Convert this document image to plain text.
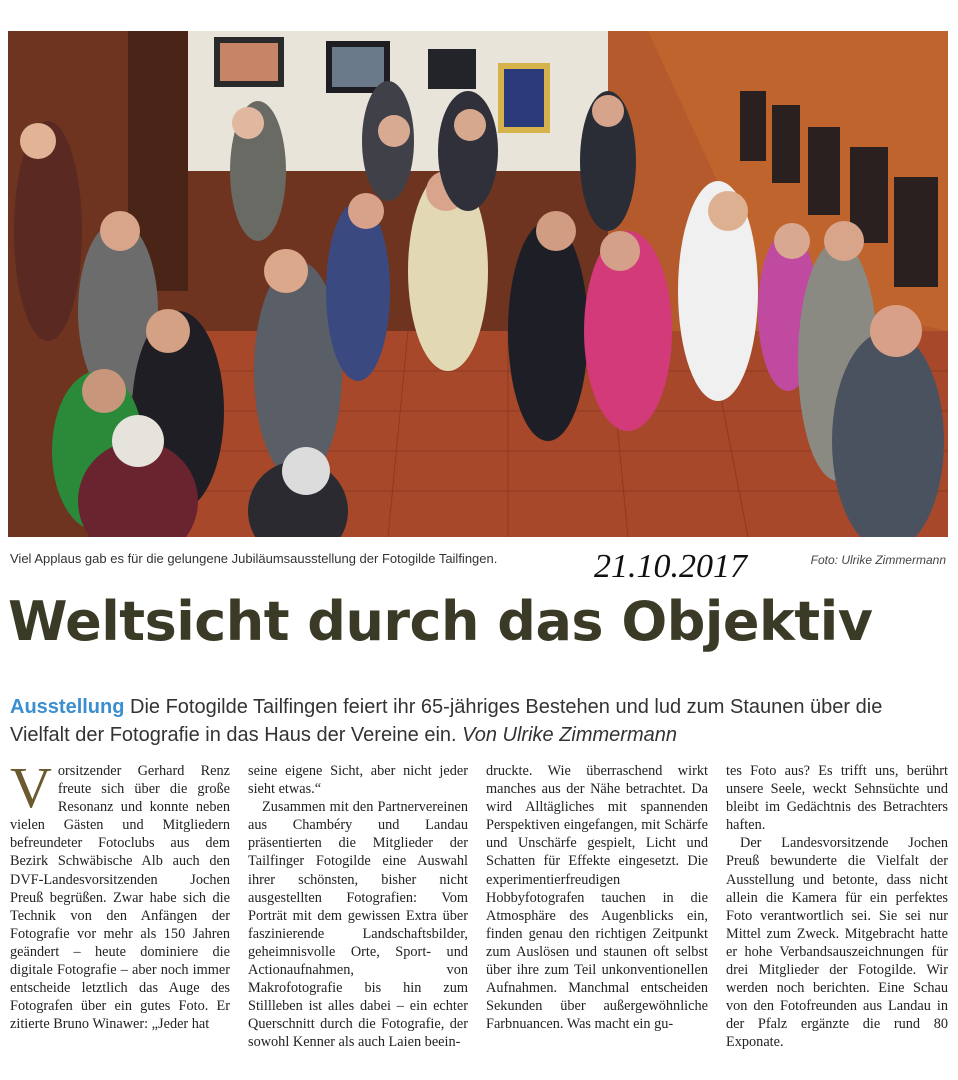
Viel Applaus gab es für die gelungene Jubiläumsausstellung der Fotogilde Tailfingen.	21.10.2017	Foto: Ulrike Zimmermann
Weltsicht durch das Objektiv
Ausstellung Die Fotogilde Tailfingen feiert ihr 65-jähriges Bestehen und lud zum Staunen über die Vielfalt der Fotografie in das Haus der Vereine ein. Von Ulrike Zimmermann
Vorsitzender Gerhard Renz freute sich über die große Resonanz und konnte neben vielen Gästen und Mitgliedern befreundeter Fotoclubs aus dem Bezirk Schwäbische Alb auch den DVF-Landesvorsitzenden Jochen Preuß begrüßen. Zwar habe sich die Technik von den Anfängen der Fotografie vor mehr als 150 Jahren geändert – heute dominiere die digitale Fotografie – aber noch immer entscheide letztlich das Auge des Fotografen über ein gutes Foto. Er zitierte Bruno Winawer: „Jeder hat

seine eigene Sicht, aber nicht jeder sieht etwas.“

Zusammen mit den Partnervereinen aus Chambéry und Landau präsentierten die Mitglieder der Tailfinger Fotogilde eine Auswahl ihrer schönsten, bisher nicht ausgestellten Fotografien: Vom Porträt mit dem gewissen Extra über faszinierende Landschaftsbilder, geheimnisvolle Orte, Sport- und Actionaufnahmen, von Makrofotografie bis hin zum Stillleben ist alles dabei – ein echter Querschnitt durch die Fotografie, der sowohl Kenner als auch Laien beein-

druckte. Wie überraschend wirkt manches aus der Nähe betrachtet. Da wird Alltägliches mit spannenden Perspektiven eingefangen, mit Schärfe und Unschärfe gespielt, Licht und Schatten für Effekte eingesetzt. Die experimentierfreudigen Hobbyfotografen tauchen in die Atmosphäre des Augenblicks ein, finden genau den richtigen Zeitpunkt zum Auslösen und staunen oft selbst über ihre zum Teil unkonventionellen Aufnahmen. Manchmal entscheiden Sekunden über außergewöhnliche Farbnuancen. Was macht ein gu-

tes Foto aus? Es trifft uns, berührt unsere Seele, weckt Sehnsüchte und bleibt im Gedächtnis des Betrachters haften.

Der Landesvorsitzende Jochen Preuß bewunderte die Vielfalt der Ausstellung und betonte, dass nicht allein die Kamera für ein perfektes Foto verantwortlich sei. Sie sei nur Mittel zum Zweck. Mitgebracht hatte er hohe Verbandsauszeichnungen für drei Mitglieder der Fotogilde. Wir werden noch berichten. Eine Schau von den Fotofreunden aus Landau in der Pfalz ergänzte die rund 80 Exponate.
